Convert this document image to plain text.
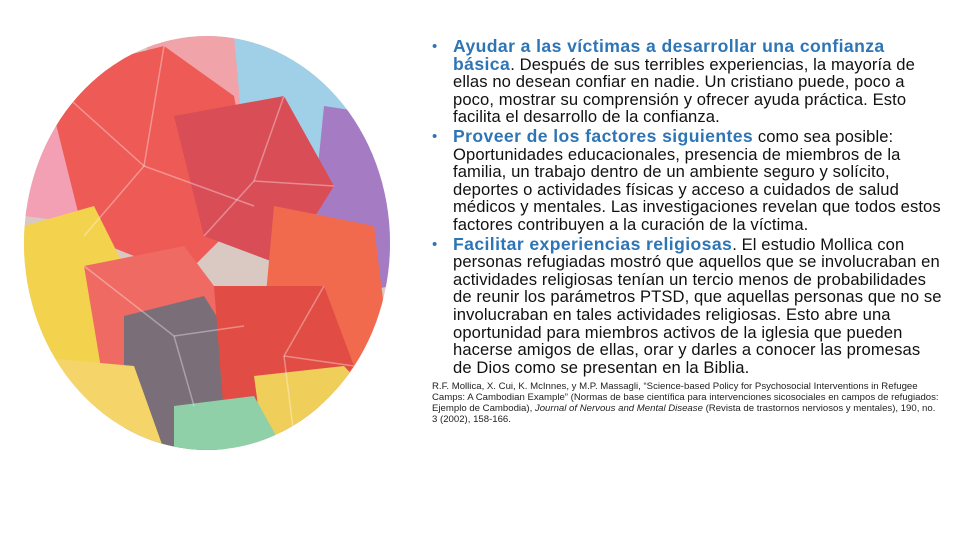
• Ayudar a las víctimas a desarrollar una confianza básica. Después de sus terribles experiencias, la mayoría de ellas no desean confiar en nadie. Un cristiano puede, poco a poco, mostrar su comprensión y ofrecer ayuda práctica. Esto facilita el desarrollo de la confianza.
• Proveer de los factores siguientes como sea posible: Oportunidades educacionales, presencia de miembros de la familia, un trabajo dentro de un ambiente seguro y solícito, deportes o actividades físicas y acceso a cuidados de salud médicos y mentales. Las investigaciones revelan que todos estos factores contribuyen a la curación de la víctima.
• Facilitar experiencias religiosas. El estudio Mollica con personas refugiadas mostró que aquellos que se involucraban en actividades religiosas tenían un tercio menos de probabilidades de reunir los parámetros PTSD, que aquellas personas que no se involucraban en tales actividades religiosas. Esto abre una oportunidad para miembros activos de la iglesia que pueden hacerse amigos de ellas, orar y darles a conocer las promesas de Dios como se presentan en la Biblia.
R.F. Mollica, X. Cui, K. McInnes, y M.P. Massagli, “Science-based Policy for Psychosocial Interventions in Refugee Camps: A Cambodian Example” (Normas de base científica para intervenciones sicosociales en campos de refugiados: Ejemplo de Cambodia), Journal of Nervous and Mental Disease (Revista de trastornos nerviosos y mentales), 190, no. 3 (2002), 158-166.
